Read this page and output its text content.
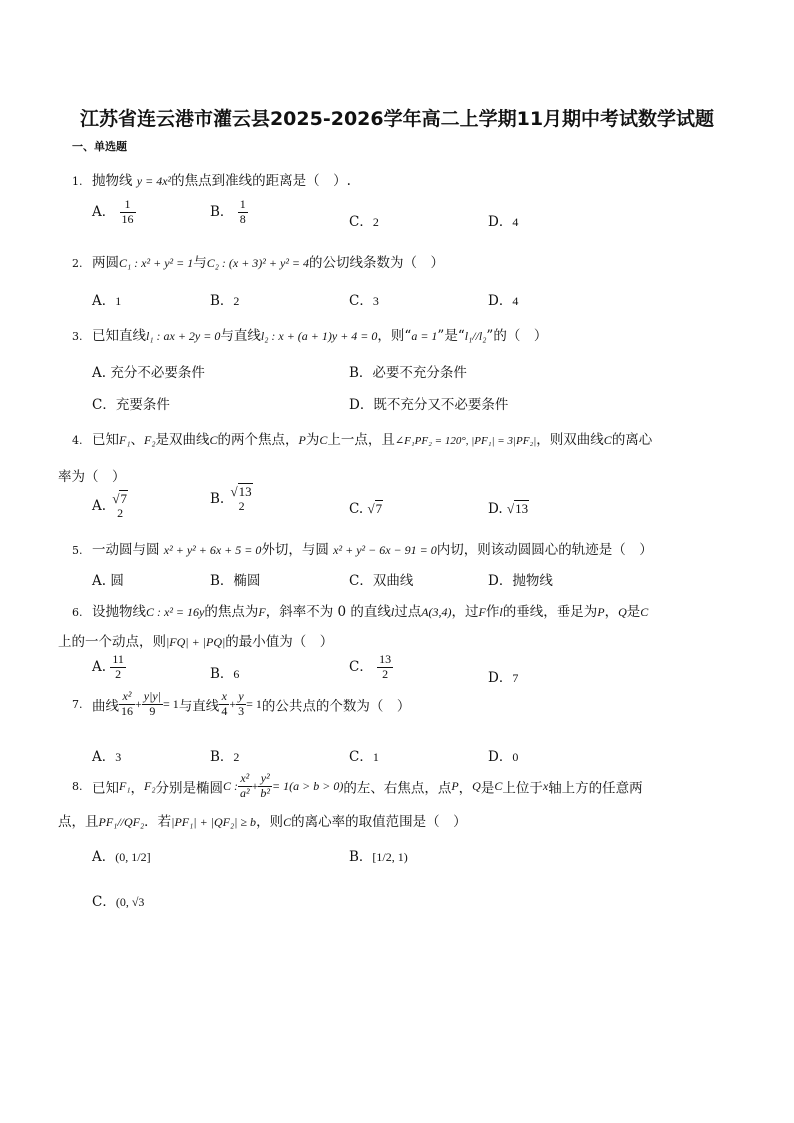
江苏省连云港市灌云县2025-2026学年高二上学期11月期中考试数学试题
一、单选题
1. 抛物线 y = 4x²的焦点到准线的距离是（　）.
A． $\frac{1}{16}$	B． $\frac{1}{8}$	C．2	D．4
2. 两圆C₁ : x² + y² = 1与C₂ : (x + 3)² + y² = 4的公切线条数为（　）
A．1	B．2	C．3	D．4
3. 已知直线l₁ : ax + 2y = 0与直线l₂ : x + (a + 1)y + 4 = 0，则“a = 1”是“l₁//l₂”的（　）
A. 充分不必要条件	B．必要不充分条件
C．充要条件	D．既不充分又不必要条件
4. 已知F₁、F₂是双曲线C的两个焦点，P为C上一点，且∠F₁PF₂ = 120°, |PF₁| = 3|PF₂|，则双曲线C的离心
率为（　）
A. √7
2
B. √13
2	C. √7	D. √13
5. 一动圆与圆 x² + y² + 6x + 5 = 0外切，与圆 x² + y² − 6x − 91 = 0内切，则该动圆圆心的轨迹是（　）
A. 圆	B．椭圆	C．双曲线	D．抛物线
6. 设抛物线C : x² = 16y的焦点为F，斜率不为 0 的直线l过点A(3,4)，过F作l的垂线，垂足为P，Q是C
上的一个动点，则|FQ| + |PQ|的最小值为（　）
A. $\frac{11}{2}$	B．6	C． $\frac{13}{2}$	D．7
7. 曲线 $\frac{\text{x²}}{16} + \frac{y|y|}{9} = 1$与直线 $\frac{x}{4} + \frac{y}{3} = 1$的公共点的个数为（　）
A．3	B．2	C．1	D．0
8. 已知F₁，F₂分别是椭圆C : $\frac{\text{x²}}{\text{a²}} + \frac{\text{y²}}{\text{b²}} = 1(a > b > 0)$的左、右焦点，点P，Q是C上位于x轴上方的任意两
点，且PF₁//QF₂．若|PF₁| + |QF₂| ≥ b，则C的离心率的取值范围是（　）
A．(0, 1/2]	B．[1/2, 1)
C．(0, √3
